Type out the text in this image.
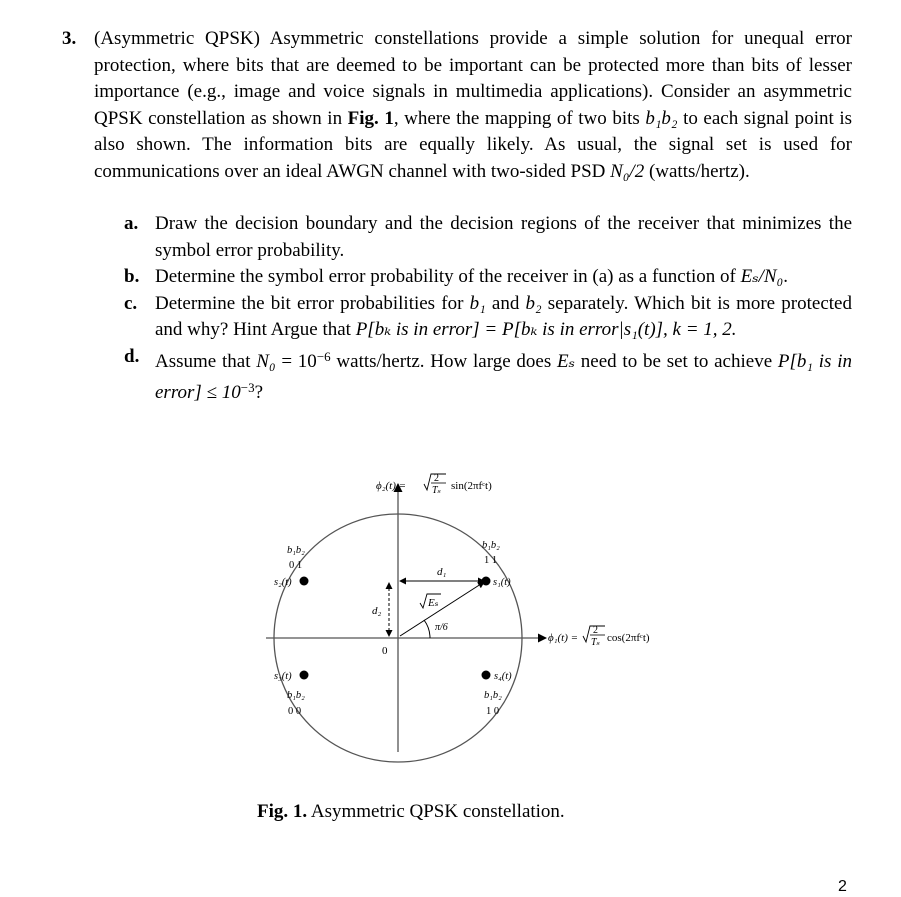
3. (Asymmetric QPSK) Asymmetric constellations provide a simple solution for unequal error protection, where bits that are deemed to be important can be protected more than bits of lesser importance (e.g., image and voice signals in multimedia applications). Consider an asymmetric QPSK constellation as shown in Fig. 1, where the mapping of two bits b₁b₂ to each signal point is also shown. The information bits are equally likely. As usual, the signal set is used for communications over an ideal AWGN channel with two-sided PSD N₀/2 (watts/hertz).
a. Draw the decision boundary and the decision regions of the receiver that minimizes the symbol error probability.
b. Determine the symbol error probability of the receiver in (a) as a function of Eₛ/N₀.
c. Determine the bit error probabilities for b₁ and b₂ separately. Which bit is more protected and why? Hint Argue that P[bₖ is in error] = P[bₖ is in error|s₁(t)], k = 1, 2.
d. Assume that $N_0 = 10^{-6}$ watts/hertz. How large does Eₛ need to be set to achieve P[b₁ is in error] ≤ $10^{-3}$?
ϕ₂(t) =
2
Tₛ sin(2πfᶜt)
ϕ₁(t) =
2
Tₛ cos(2πfᶜt)
0
d₁
d₂
Eₛ
π/6
s₁(t)
b₁b₂
1 1
s₂(t)
b₁b₂
0 1
s₃(t)
b₁b₂
0 0
s₄(t)
b₁b₂
1 0
Fig. 1. Asymmetric QPSK constellation.
2
